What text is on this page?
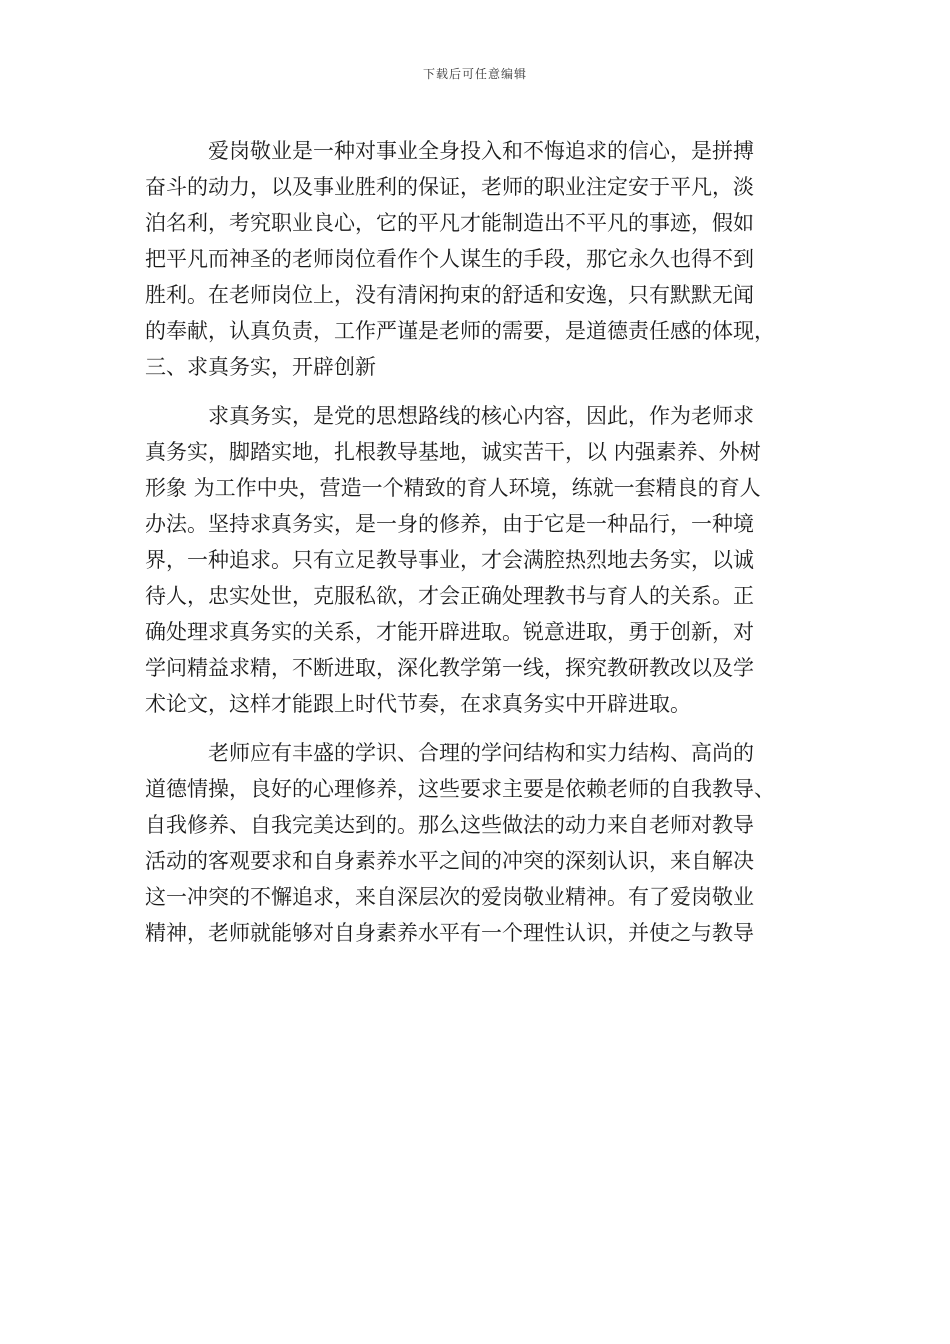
下载后可任意编辑

　　　爱岗敬业是一种对事业全身投入和不悔追求的信心，是拼搏

奋斗的动力，以及事业胜利的保证，老师的职业注定安于平凡，淡

泊名利，考究职业良心，它的平凡才能制造出不平凡的事迹，假如

把平凡而神圣的老师岗位看作个人谋生的手段，那它永久也得不到

胜利。在老师岗位上，没有清闲拘束的舒适和安逸，只有默默无闻

的奉献，认真负责，工作严谨是老师的需要，是道德责任感的体现，

三、求真务实，开辟创新

　　　求真务实，是党的思想路线的核心内容，因此，作为老师求

真务实，脚踏实地，扎根教导基地，诚实苦干，以 内强素养、外树

形象 为工作中央，营造一个精致的育人环境，练就一套精良的育人

办法。坚持求真务实，是一身的修养，由于它是一种品行，一种境

界，一种追求。只有立足教导事业，才会满腔热烈地去务实，以诚

待人，忠实处世，克服私欲，才会正确处理教书与育人的关系。正

确处理求真务实的关系，才能开辟进取。锐意进取，勇于创新，对

学问精益求精，不断进取，深化教学第一线，探究教研教改以及学

术论文，这样才能跟上时代节奏，在求真务实中开辟进取。

　　　老师应有丰盛的学识、合理的学问结构和实力结构、高尚的

道德情操，良好的心理修养，这些要求主要是依赖老师的自我教导、

自我修养、自我完美达到的。那么这些做法的动力来自老师对教导

活动的客观要求和自身素养水平之间的冲突的深刻认识，来自解决

这一冲突的不懈追求，来自深层次的爱岗敬业精神。有了爱岗敬业

精神，老师就能够对自身素养水平有一个理性认识，并使之与教导
